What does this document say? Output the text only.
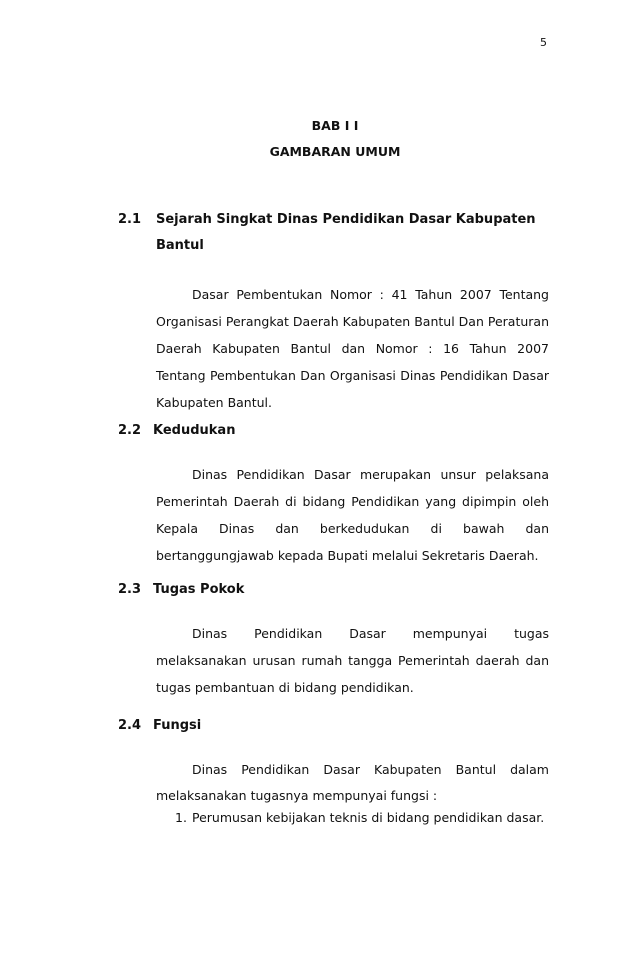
5
BAB I I
GAMBARAN UMUM
2.1 Sejarah Singkat Dinas Pendidikan Dasar Kabupaten
Bantul

Dasar Pembentukan Nomor : 41 Tahun 2007 Tentang Organisasi Perangkat Daerah Kabupaten Bantul Dan Peraturan Daerah Kabupaten Bantul dan Nomor : 16 Tahun 2007 Tentang Pembentukan Dan Organisasi Dinas Pendidikan Dasar Kabupaten Bantul.

2.2 Kedudukan

Dinas Pendidikan Dasar merupakan unsur pelaksana Pemerintah Daerah di bidang Pendidikan yang dipimpin oleh Kepala Dinas dan berkedudukan di bawah dan bertanggungjawab kepada Bupati melalui Sekretaris Daerah.

2.3 Tugas Pokok

Dinas Pendidikan Dasar mempunyai tugas melaksanakan urusan rumah tangga Pemerintah daerah dan tugas pembantuan di bidang pendidikan.

2.4 Fungsi

Dinas Pendidikan Dasar Kabupaten Bantul dalam melaksanakan tugasnya mempunyai fungsi :

1. Perumusan kebijakan teknis di bidang pendidikan dasar.
